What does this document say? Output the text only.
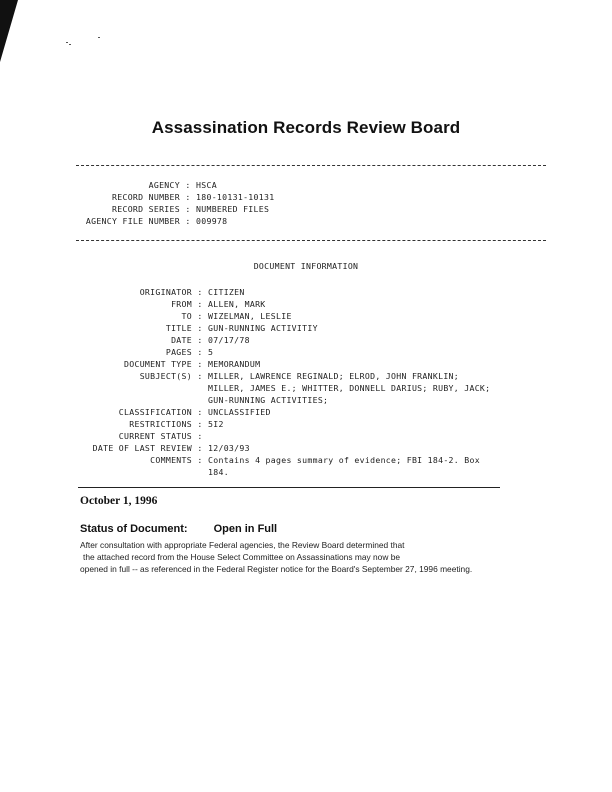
Assassination Records Review Board
AGENCY : HSCA
RECORD NUMBER : 180-10131-10131
RECORD SERIES : NUMBERED FILES
AGENCY FILE NUMBER : 009978
DOCUMENT INFORMATION
ORIGINATOR : CITIZEN
FROM : ALLEN, MARK
TO : WIZELMAN, LESLIE
TITLE : GUN-RUNNING ACTIVITIY
DATE : 07/17/78
PAGES : 5
DOCUMENT TYPE : MEMORANDUM
SUBJECT(S) : MILLER, LAWRENCE REGINALD; ELROD, JOHN FRANKLIN;
MILLER, JAMES E.; WHITTER, DONNELL DARIUS; RUBY, JACK;
GUN-RUNNING ACTIVITIES;
CLASSIFICATION : UNCLASSIFIED
RESTRICTIONS : 5I2
CURRENT STATUS :
DATE OF LAST REVIEW : 12/03/93
COMMENTS : Contains 4 pages summary of evidence; FBI 184-2. Box
184.
October 1, 1996
Status of Document: Open in Full
After consultation with appropriate Federal agencies, the Review Board determined that
the attached record from the House Select Committee on Assassinations may now be
opened in full -- as referenced in the Federal Register notice for the Board's September 27, 1996 meeting.
